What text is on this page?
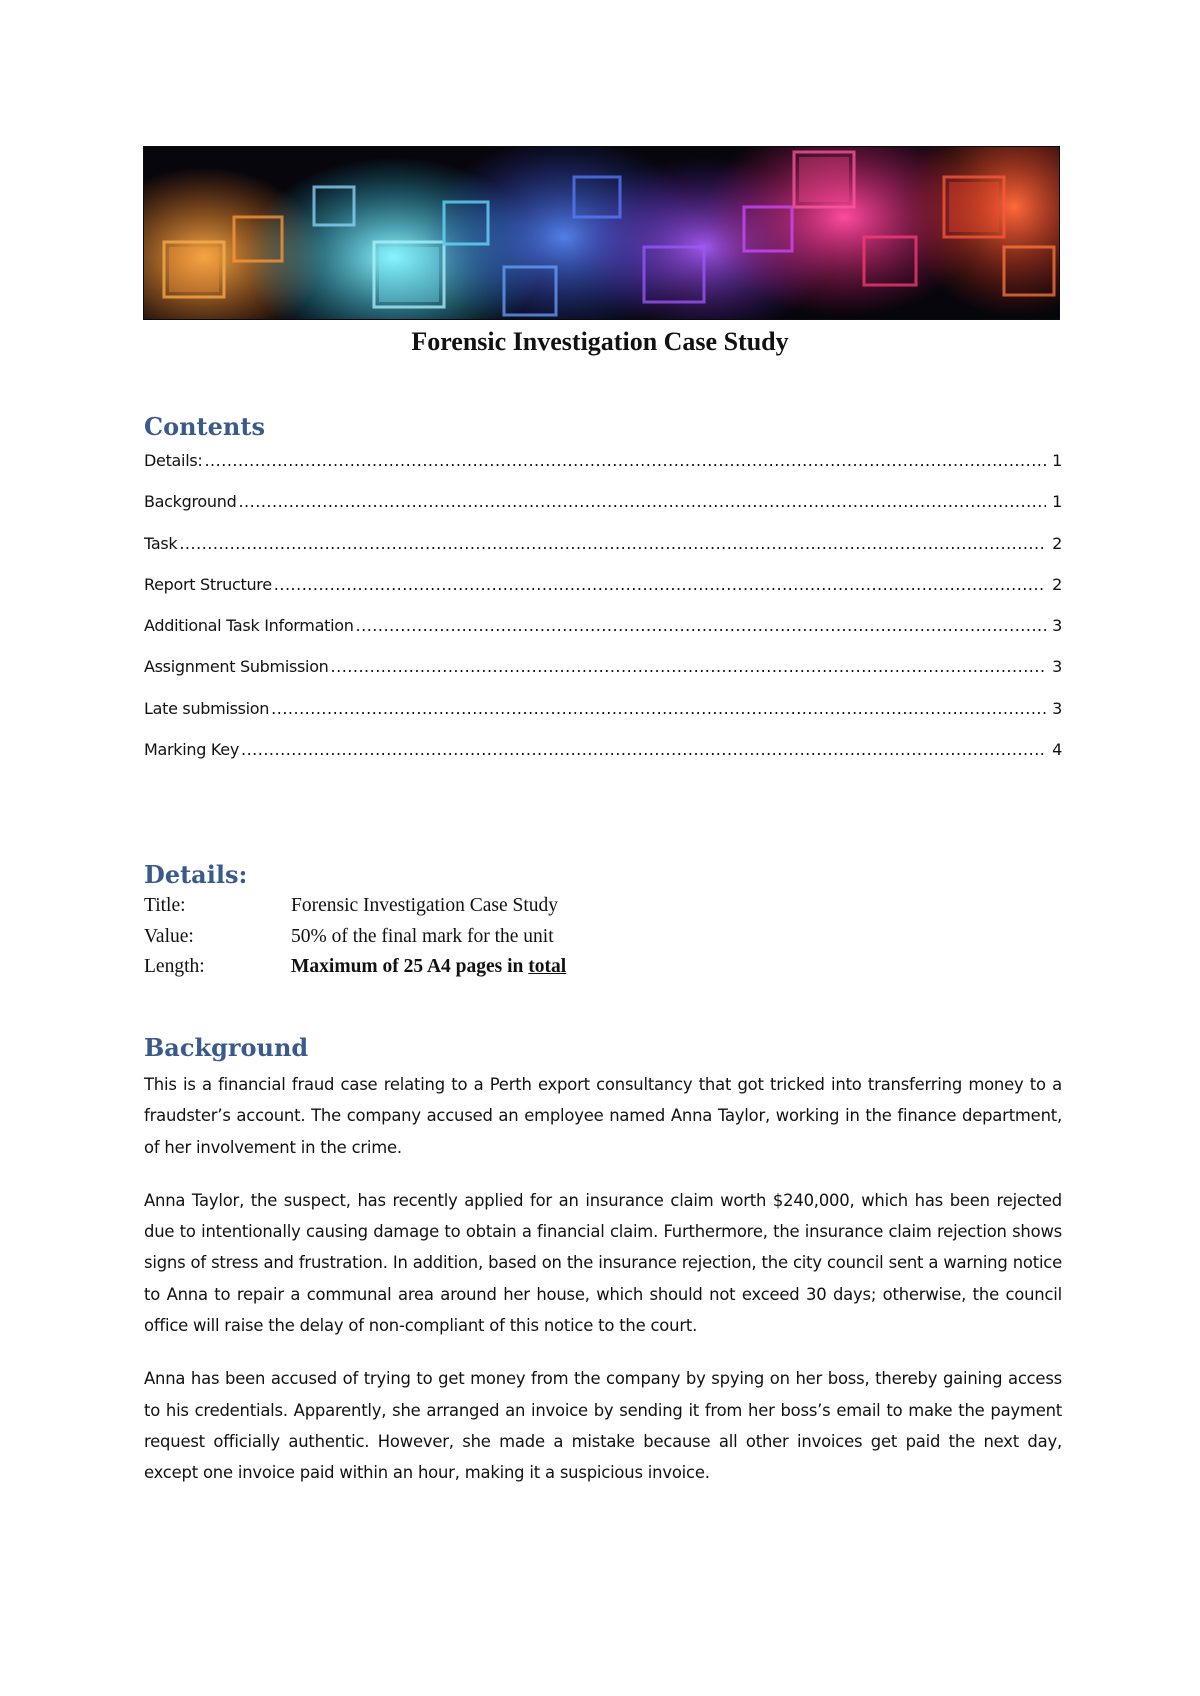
Forensic Investigation Case Study
Contents
Details: .....	1
Background .....	1
Task .....	2
Report Structure .....	2
Additional Task Information .....	3
Assignment Submission .....	3
Late submission .....	3
Marking Key .....	4
Details:
Title:	Forensic Investigation Case Study
Value:	50% of the final mark for the unit
Length:	Maximum of 25 A4 pages in total
Background

This is a financial fraud case relating to a Perth export consultancy that got tricked into transferring money to a fraudster’s account. The company accused an employee named Anna Taylor, working in the finance department, of her involvement in the crime.

Anna Taylor, the suspect, has recently applied for an insurance claim worth $240,000, which has been rejected due to intentionally causing damage to obtain a financial claim. Furthermore, the insurance claim rejection shows signs of stress and frustration. In addition, based on the insurance rejection, the city council sent a warning notice to Anna to repair a communal area around her house, which should not exceed 30 days; otherwise, the council office will raise the delay of non-compliant of this notice to the court.

Anna has been accused of trying to get money from the company by spying on her boss, thereby gaining access to his credentials. Apparently, she arranged an invoice by sending it from her boss’s email to make the payment request officially authentic. However, she made a mistake because all other invoices get paid the next day, except one invoice paid within an hour, making it a suspicious invoice.
